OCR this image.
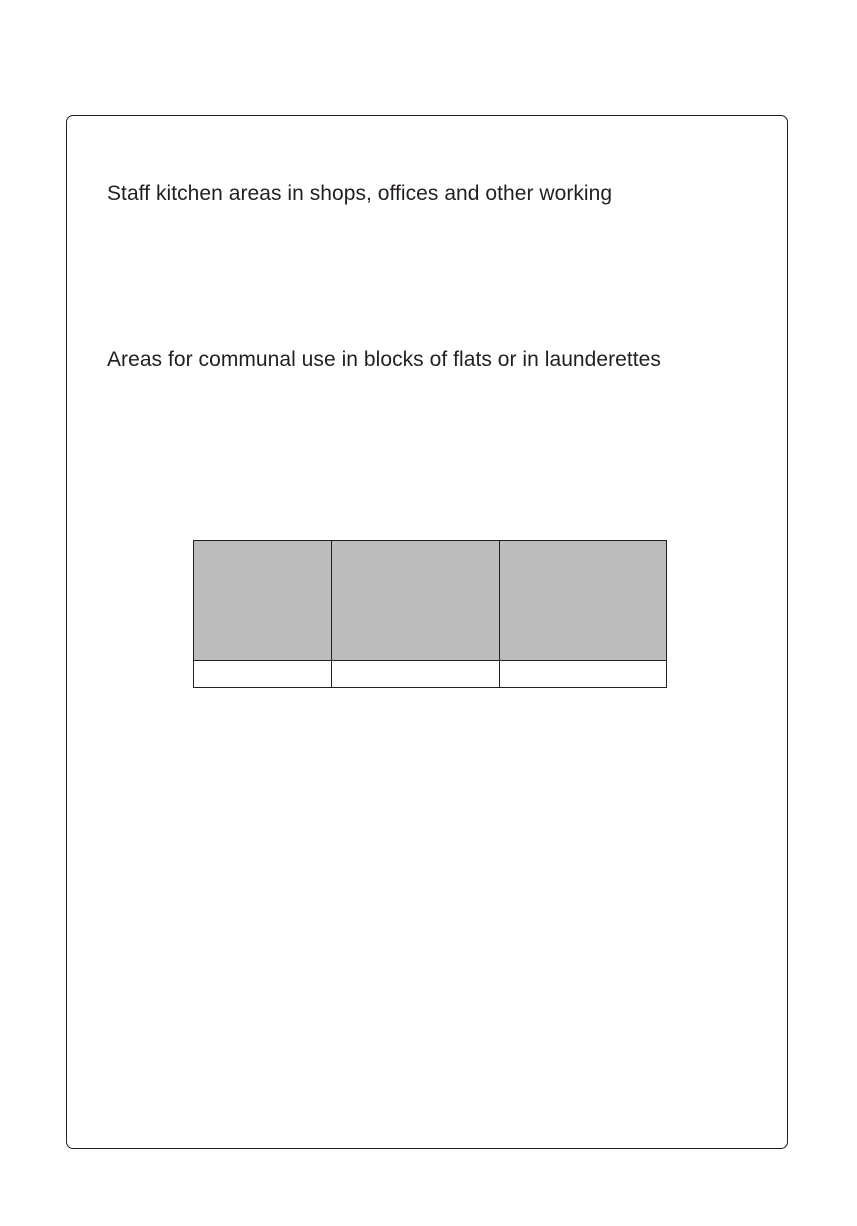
Staff kitchen areas in shops, offices and other working

Areas for communal use in blocks of flats or in launderettes
